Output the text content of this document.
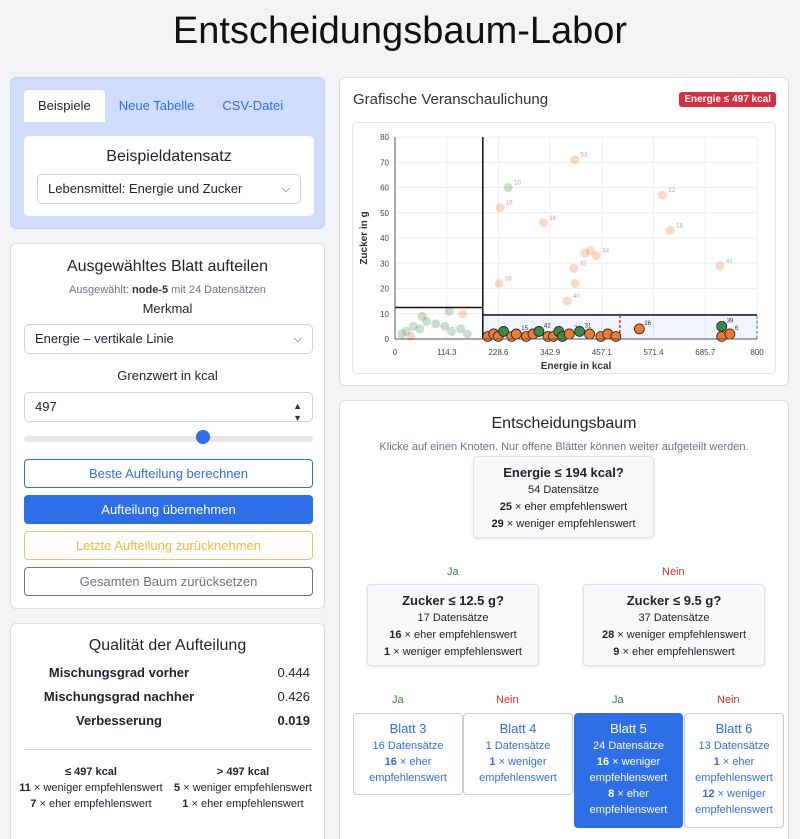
Entscheidungsbaum-Labor
Beispiele	Neue Tabelle	CSV-Datei
Beispieldatensatz
Lebensmittel: Energie und Zucker	⌵
Ausgewähltes Blatt aufteilen
Ausgewählt: node-5 mit 24 Datensätzen
Merkmal
Energie – vertikale Linie	⌵
Grenzwert in kcal
497	▲
▼
Beste Aufteilung berechnen
Aufteilung übernehmen
Letzte Aufteilung zurücknehmen
Gesamten Baum zurücksetzen
Qualität der Aufteilung
Mischungsgrad vorher	0.444
Mischungsgrad nachher	0.426
Verbesserung	0.019
≤ 497 kcal
11 × weniger empfehlenswert
7 × eher empfehlenswert
> 497 kcal
5 × weniger empfehlenswert
1 × eher empfehlenswert
Grafische Veranschaulichung	Energie ≤ 497 kcal
0
10
20
30
40
50
60
70
80
0	114.3	228.6	342.9	457.1	571.4	685.7	800
Energie in kcal
Zucker in g
10
53
19
16
22
18
41
34
32
40
38
15	42	31	26	39
6
Entscheidungsbaum
Klicke auf einen Knoten. Nur offene Blätter können weiter aufgeteilt werden.
Energie ≤ 194 kcal?
54 Datensätze
25 × eher empfehlenswert
29 × weniger empfehlenswert
Ja	Nein
Zucker ≤ 12.5 g?
17 Datensätze
16 × eher empfehlenswert
1 × weniger empfehlenswert
Zucker ≤ 9.5 g?
37 Datensätze
28 × weniger empfehlenswert
9 × eher empfehlenswert
Ja	Nein	Ja	Nein
Blatt 3
16 Datensätze
16 × eher
empfehlenswert
Blatt 4
1 Datensätze
1 × weniger
empfehlenswert
Blatt 5
24 Datensätze
16 × weniger
empfehlenswert
8 × eher
empfehlenswert
Blatt 6
13 Datensätze
1 × eher
empfehlenswert
12 × weniger
empfehlenswert
